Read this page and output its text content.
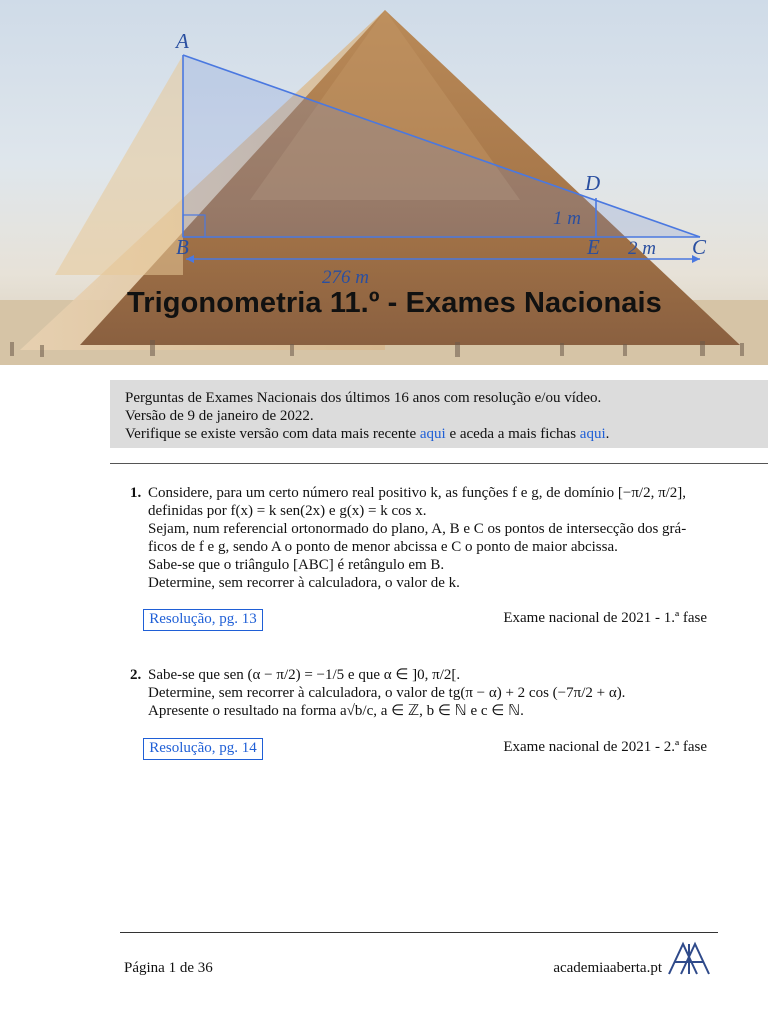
A
B	C
D
E
1 m
2 m
276 m
Trigonometria 11.º - Exames Nacionais
Perguntas de Exames Nacionais dos últimos 16 anos com resolução e/ou vídeo.
Versão de 9 de janeiro de 2022.
Verifique se existe versão com data mais recente aqui e aceda a mais fichas aqui.
1. Considere, para um certo número real positivo k, as funções f e g, de domínio [−π/2, π/2],
definidas por f(x) = k sen(2x) e g(x) = k cos x.
Sejam, num referencial ortonormado do plano, A, B e C os pontos de intersecção dos grá-
ficos de f e g, sendo A o ponto de menor abcissa e C o ponto de maior abcissa.
Sabe-se que o triângulo [ABC] é retângulo em B.
Determine, sem recorrer à calculadora, o valor de k.
Resolução, pg. 13	Exame nacional de 2021 - 1.ª fase
2. Sabe-se que sen (α − π/2) = −1/5 e que α ∈ ]0, π/2[.
Determine, sem recorrer à calculadora, o valor de tg(π − α) + 2 cos (−7π/2 + α).
Apresente o resultado na forma a√b/c, a ∈ ℤ, b ∈ ℕ e c ∈ ℕ.
Resolução, pg. 14	Exame nacional de 2021 - 2.ª fase
Página 1 de 36	academiaaberta.pt
